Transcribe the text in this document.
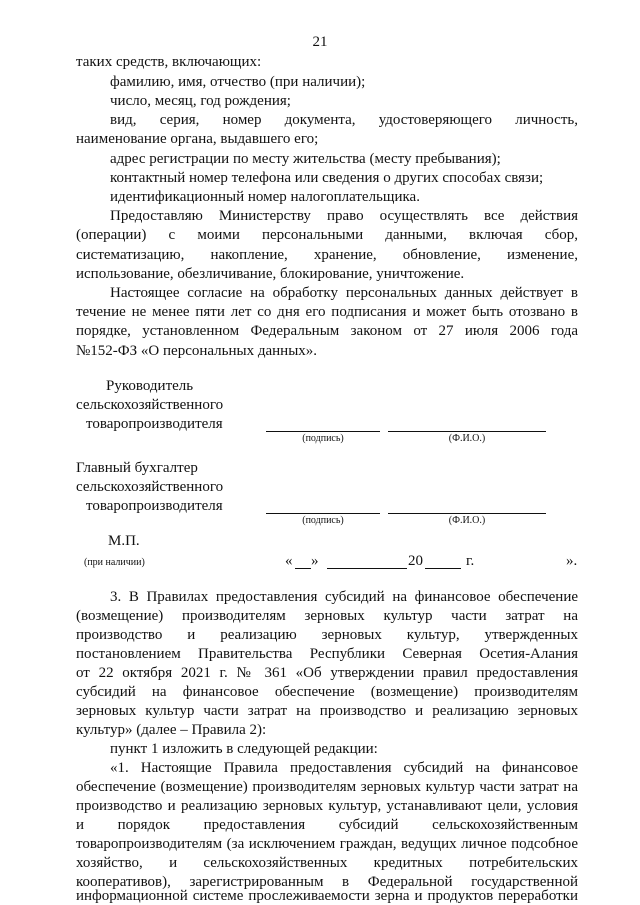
21
таких средств, включающих:
фамилию, имя, отчество (при наличии);
число, месяц, год рождения;
вид, серия, номер документа, удостоверяющего личность,
наименование органа, выдавшего его;
адрес регистрации по месту жительства (месту пребывания);
контактный номер телефона или сведения о других способах связи;
идентификационный номер налогоплательщика.
Предоставляю Министерству право осуществлять все действия
(операции) с моими персональными данными, включая сбор,
систематизацию, накопление, хранение, обновление, изменение,
использование, обезличивание, блокирование, уничтожение.
Настоящее согласие на обработку персональных данных действует в
течение не менее пяти лет со дня его подписания и может быть отозвано в
порядке, установленном Федеральным законом от 27 июля 2006 года
№152-ФЗ «О персональных данных».
Руководитель
сельскохозяйственного
товаропроизводителя
(подпись)	(Ф.И.О.)
Главный бухгалтер
сельскохозяйственного
товаропроизводителя
(подпись)	(Ф.И.О.)
М.П.
(при наличии)	« »	20	г.	».
3. В Правилах предоставления субсидий на финансовое обеспечение
(возмещение) производителям зерновых культур части затрат на
производство и реализацию зерновых культур, утвержденных
постановлением Правительства Республики Северная Осетия-Алания
от 22 октября 2021 г. № 361 «Об утверждении правил предоставления
субсидий на финансовое обеспечение (возмещение) производителям
зерновых культур части затрат на производство и реализацию зерновых
культур» (далее – Правила 2):
пункт 1 изложить в следующей редакции:
«1. Настоящие Правила предоставления субсидий на финансовое
обеспечение (возмещение) производителям зерновых культур части затрат на
производство и реализацию зерновых культур, устанавливают цели, условия
и порядок предоставления субсидий сельскохозяйственным
товаропроизводителям (за исключением граждан, ведущих личное подсобное
хозяйство, и сельскохозяйственных кредитных потребительских
кооперативов), зарегистрированным в Федеральной государственной
информационной системе прослеживаемости зерна и продуктов переработки
